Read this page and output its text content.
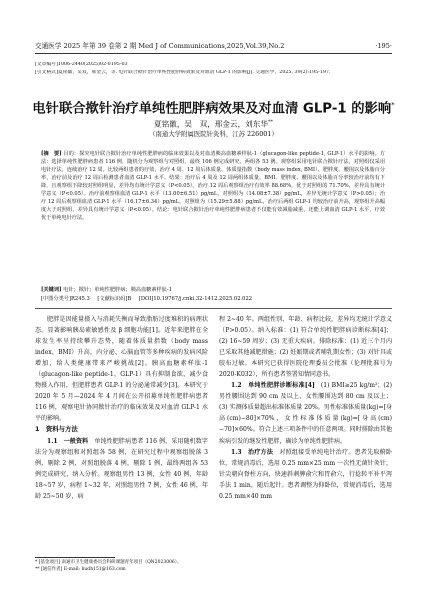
交通医学 2025 年第 39 卷第 2 期 Med J of Communications,2025,Vol.39,No.2	·195·
[文章编号]1006-2440(2025)02-0195-03
[引文格式]夏铭徽，吴双，邢金云，等. 电针联合揿针治疗单纯性肥胖病效果及对血清 GLP-1 的影响[J]. 交通医学，2025, 39(2):195-197.
电针联合揿针治疗单纯性肥胖病效果及对血清 GLP-1 的影响*
夏铭徽，吴　双，邢金云，刘东华**
（南通大学附属医院针灸科，江苏 226001）

[摘　要] 目的：探究电针联合揿针治疗单纯性肥胖病的临床效果以及对血清胰高血糖素样肽-1（glucagon-like peptide-1, GLP-1）水平的影响。方法：选择单纯性肥胖病患者 116 例，随机分为观察组与对照组，最终 106 例完成研究，两组各 53 例。观察组采用电针联合揿针疗法，对照组仅采用电针疗法，连续治疗 12 周。比较两组患者的疗效，治疗 4 周、12 周后体质量、体质量指数（body mass index, BMI）、肥胖度、腰围以及体脂百分率，治疗前及治疗 12 周后检测患者血清 GLP-1 水平。结果：治疗后 4 周及 12 周两组体质量、BMI、肥胖度、腰围以及体脂百分率较治疗前均有下降，且观察组下降较对照组明显，差异均有统计学意义（P<0.05）。治疗 12 周后观察组治疗有效率 88.68%，优于对照组的 71.70%，差异具有统计学意义（P<0.05）。治疗前观察组血清 GLP-1 水平（13.00±6.51）pg/mL，对照组为（14.08±7.38）pg/mL，差异无统计学意义（P>0.05）；治疗 12 周后观察组血清 GLP-1 水平（16.17±6.34）pg/mL，对照组为（15.29±5.88）pg/mL，治疗后两组 GLP-1 均较治疗前升高，观察组升高幅度大于对照组，差异具有统计学意义（P<0.05）。结论：电针联合揿针治疗单纯性肥胖病患者不仅能有效减脂减重，还能上调血清 GLP-1 水平，疗效优于单纯电针疗法。

[关键词] 电针；揿针；单纯性肥胖病；胰高血糖素样肽-1
[中图分类号]R245.3 [文献标识码]B [DOI]10.19767/j.cnki.32-1412.2025.02.022

肥胖是因能量摄入与消耗失衡而导致脂肪过度堆积的病理状态。显著影响胰岛素敏感性及 β 细胞功能[1]。近年来肥胖在全球发生率呈持续攀升态势，随着体质量指数（body mass index，BMI）升高，内分泌、心脑血管等多种疾病的发病风险增加，给人类健康带来严峻挑战[2]。胰高血糖素样肽-1（glucagon-like peptide-1，GLP-1）具有抑制食欲、减少食物摄入作用，但肥胖患者 GLP-1 的分泌通常减少[3]。本研究于 2020 年 5 月—2024 年 4 月间在公开招募单纯性肥胖病患者 116 例，观察电针协同揿针治疗的临床效果及对血清 GLP-1 水平的影响。

1　资料与方法

1.1　一般资料  单纯性肥胖病患者 116 例，采用随机数字法分为观察组和对照组各 58 例，在研究过程中观察组脱落 3 例，剔除 2 例，对照组脱落 4 例，剔除 1 例，最终两组各 53 例完成研究，纳入分析。观察组男性 13 例，女性 40 例，年龄 18~57 岁，病程 1~32 年，对照组男性 7 例，女性 46 例，年龄 25~50 岁，病

程 2~40 年。两组性别、年龄、病程比较，差异均无统计学意义（P>0.05）。纳入标准：(1) 符合单纯性肥胖病诊断标准[4]；(2) 16~59 周岁；(3) 无重大疾病。排除标准：(1) 近三个月内已采取其他减肥措施；(2) 妊娠期或者哺乳期女性；(3) 对针具或胶布过敏。本研究已获得医院伦理委员会批准（伦理批准号为 2020-K032），所有患者签署知情同意书。

1.2　单纯性肥胖诊断标准[4]  (1) BMI≥25 kg/m²；(2) 男性腰围达到 90 cm 及以上，女性腰围达到 80 cm 及以上；(3) 实测体质量超出标准体质量 20%。男性标准体质量(kg)=[身高(cm)−80]×70%，女性标准体质量(kg)=[身高(cm)−70]×60%。符合上述三项条件中的任意两项。同时排除由其他疾病引发的继发性肥胖，确诊为单纯性肥胖病。

1.3　治疗方法  对照组接受单纯电针治疗。患者先取俯卧位，常规消毒后，选用 0.25 mm×25 mm 一次性无菌针灸针，针尖朝向脊柱方向，快速斜刺脾俞穴和胃俞穴，行捻转平补平泻手法 1 min，随后起针。患者调整为仰卧位，常规消毒后，选用 0.25 mm×40 mm

* [基金项目] 南通市卫生健康委员会科研课题青年项目（QN2023006）。
** [通信作者] E-mail: liudh151@163.com
